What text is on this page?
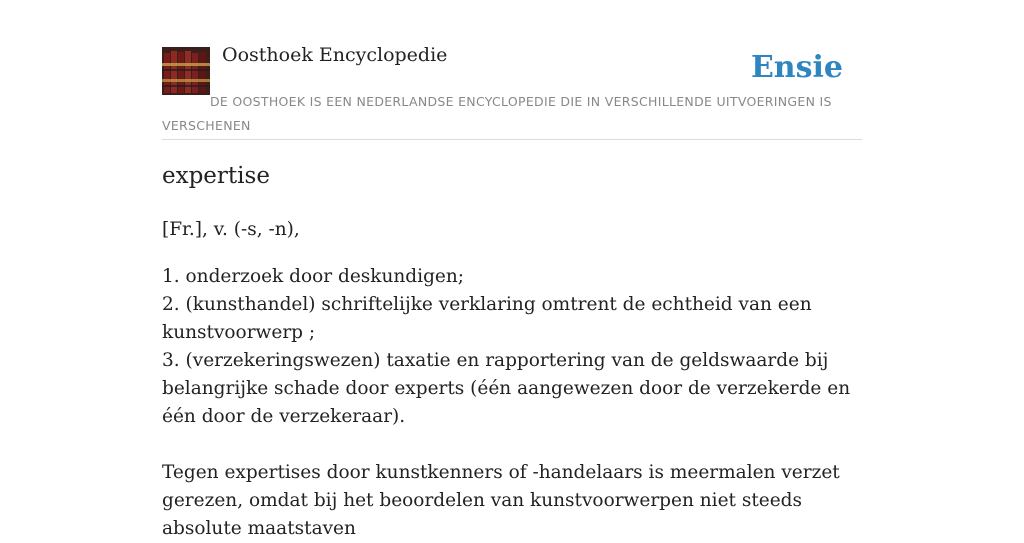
Oosthoek Encyclopedie	Ensie
DE OOSTHOEK IS EEN NEDERLANDSE ENCYCLOPEDIE DIE IN VERSCHILLENDE UITVOERINGEN IS VERSCHENEN
expertise

[Fr.], v. (-s, -n),

1. onderzoek door deskundigen;

2. (kunsthandel) schriftelijke verklaring omtrent de echtheid van een kunstvoorwerp ;

3. (verzekeringswezen) taxatie en rapportering van de geldswaarde bij belangrijke schade door experts (één aangewezen door de verzekerde en één door de verzekeraar).

Tegen expertises door kunstkenners of -handelaars is meermalen verzet gerezen, omdat bij het beoordelen van kunstvoorwerpen niet steeds absolute maatstaven
